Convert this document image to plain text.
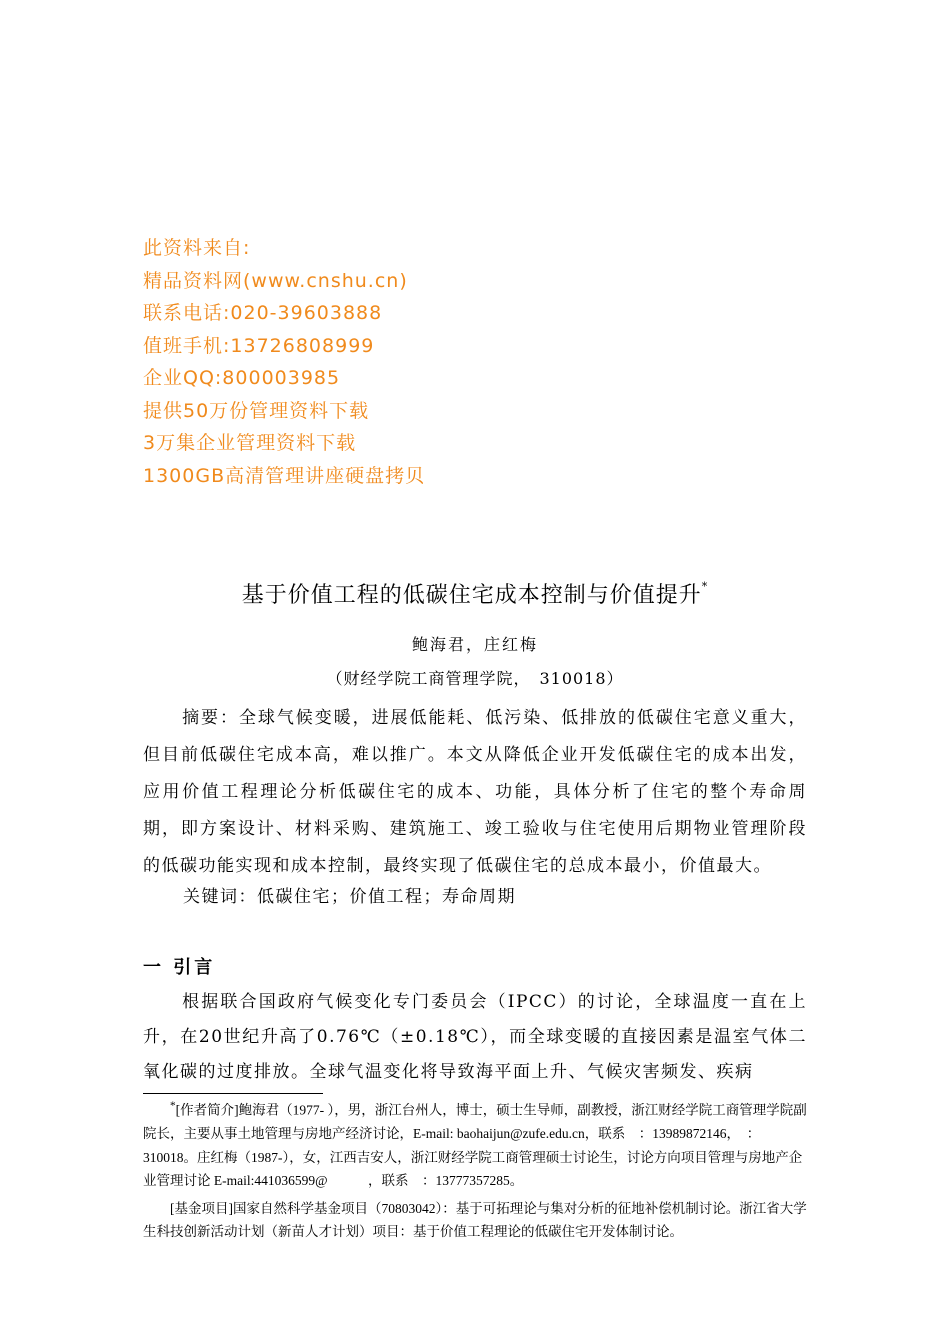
此资料来自:
精品资料网(www.cnshu.cn)
联系电话:020-39603888
值班手机:13726808999
企业QQ:800003985
提供50万份管理资料下载
3万集企业管理资料下载
1300GB高清管理讲座硬盘拷贝
基于价值工程的低碳住宅成本控制与价值提升*
鲍海君，庄红梅
（财经学院工商管理学院，　310018）

摘要：全球气候变暖，进展低能耗、低污染、低排放的低碳住宅意义重大，但目前低碳住宅成本高，难以推广。本文从降低企业开发低碳住宅的成本出发，应用价值工程理论分析低碳住宅的成本、功能，具体分析了住宅的整个寿命周期，即方案设计、材料采购、建筑施工、竣工验收与住宅使用后期物业管理阶段的低碳功能实现和成本控制，最终实现了低碳住宅的总成本最小，价值最大。

关键词：低碳住宅；价值工程；寿命周期
一 引言

根据联合国政府气候变化专门委员会（IPCC）的讨论，全球温度一直在上升，在20世纪升高了0.76℃（±0.18℃），而全球变暖的直接因素是温室气体二氧化碳的过度排放。全球气温变化将导致海平面上升、气候灾害频发、疾病

*[作者简介]鲍海君（1977- ），男，浙江台州人，博士，硕士生导师，副教授，浙江财经学院工商管理学院副院长，主要从事土地管理与房地产经济讨论，E-mail: baohaijun@zufe.edu.cn，联系　：13989872146，　：310018。庄红梅（1987-），女，江西吉安人，浙江财经学院工商管理硕士讨论生，讨论方向项目管理与房地产企业管理讨论 E-mail:441036599@　　　，联系　：13777357285。

[基金项目]国家自然科学基金项目（70803042）：基于可拓理论与集对分析的征地补偿机制讨论。浙江省大学生科技创新活动计划（新苗人才计划）项目：基于价值工程理论的低碳住宅开发体制讨论。
